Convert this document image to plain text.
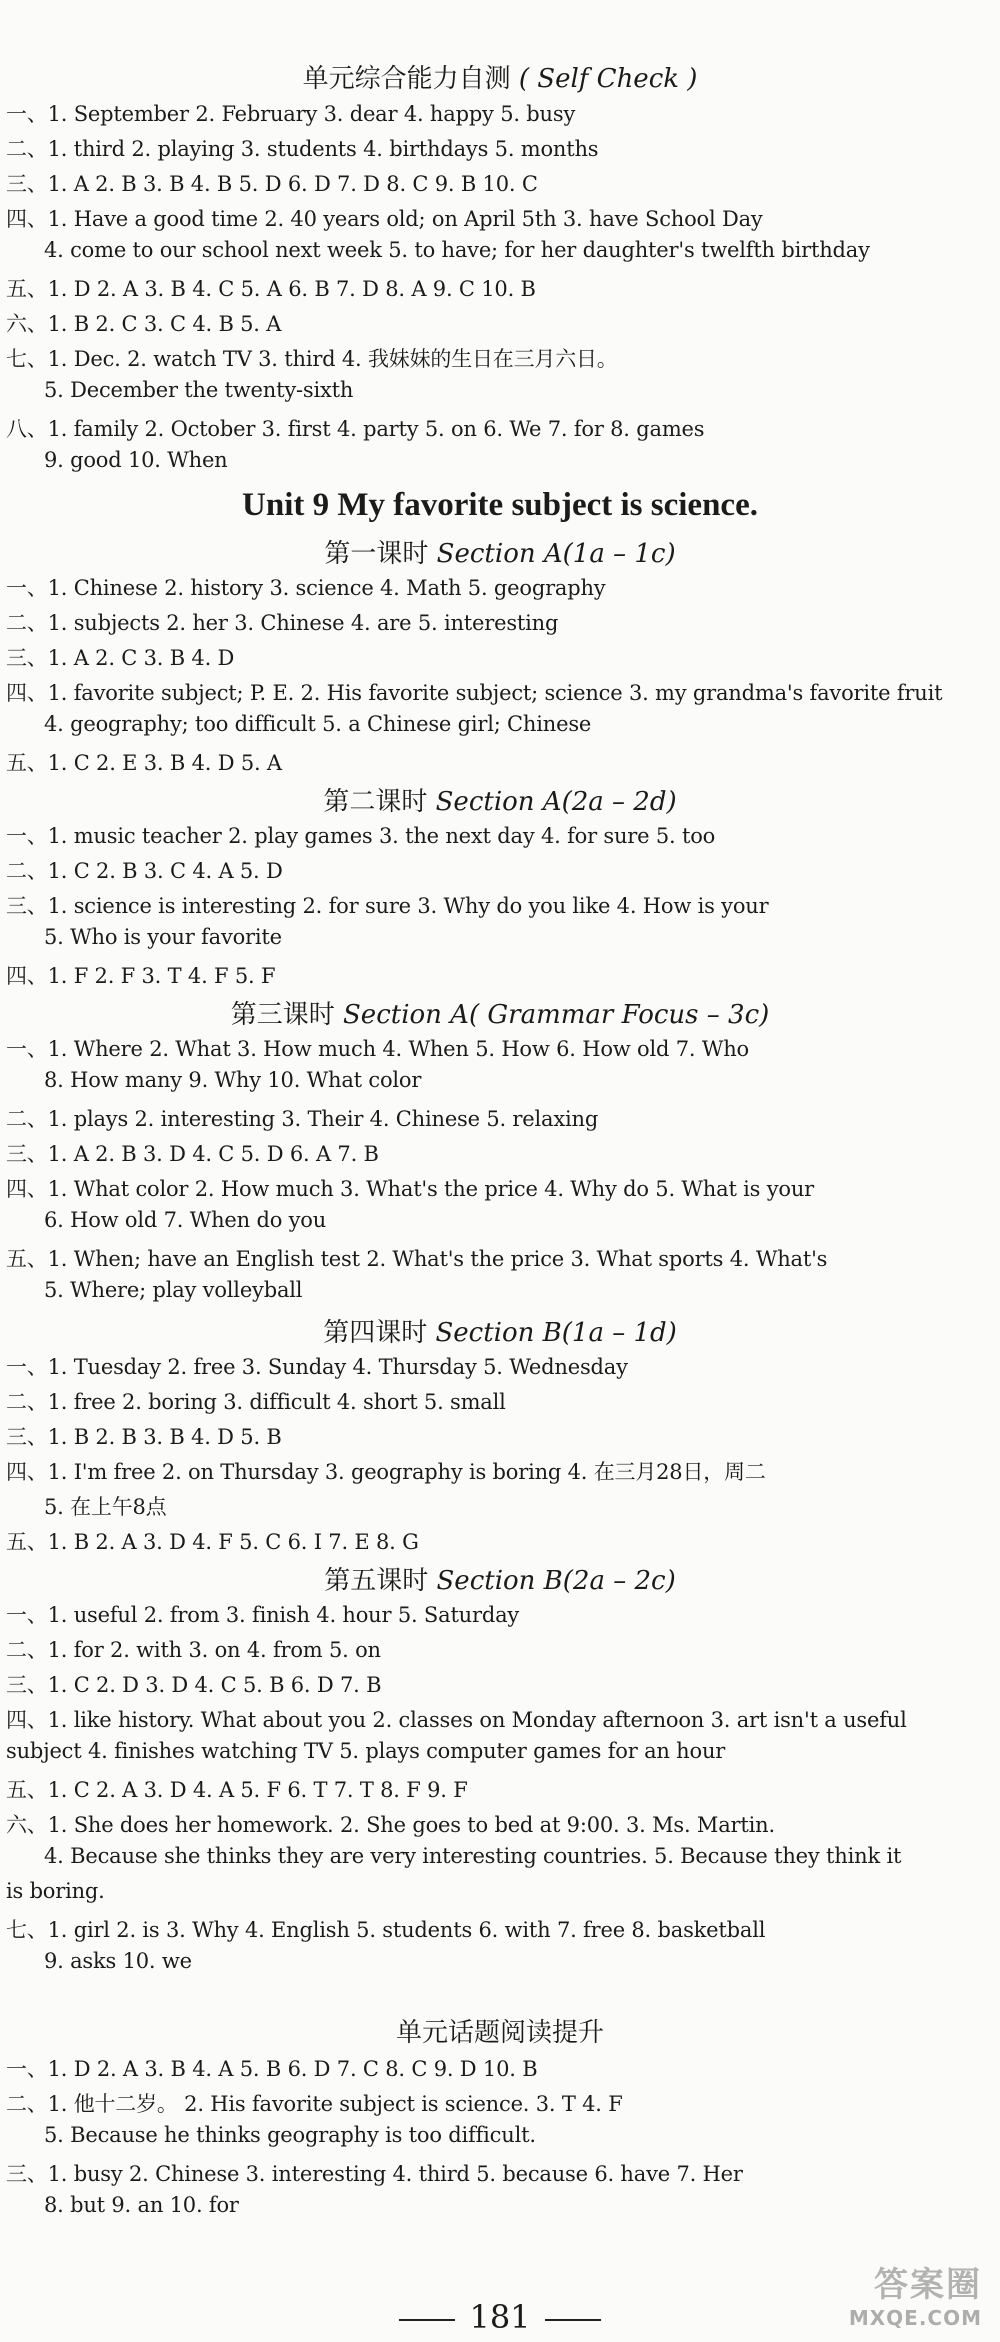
单元综合能力自测 ( Self Check )
一、1. September 2. February 3. dear 4. happy 5. busy
二、1. third 2. playing 3. students 4. birthdays 5. months
三、1. A 2. B 3. B 4. B 5. D 6. D 7. D 8. C 9. B 10. C
四、1. Have a good time 2. 40 years old; on April 5th 3. have School Day
4. come to our school next week 5. to have; for her daughter's twelfth birthday
五、1. D 2. A 3. B 4. C 5. A 6. B 7. D 8. A 9. C 10. B
六、1. B 2. C 3. C 4. B 5. A
七、1. Dec. 2. watch TV 3. third 4. 我妹妹的生日在三月六日。
5. December the twenty-sixth
八、1. family 2. October 3. first 4. party 5. on 6. We 7. for 8. games
9. good 10. When
Unit 9 My favorite subject is science.
第一课时 Section A(1a – 1c)
一、1. Chinese 2. history 3. science 4. Math 5. geography
二、1. subjects 2. her 3. Chinese 4. are 5. interesting
三、1. A 2. C 3. B 4. D
四、1. favorite subject; P. E. 2. His favorite subject; science 3. my grandma's favorite fruit
4. geography; too difficult 5. a Chinese girl; Chinese
五、1. C 2. E 3. B 4. D 5. A
第二课时 Section A(2a – 2d)
一、1. music teacher 2. play games 3. the next day 4. for sure 5. too
二、1. C 2. B 3. C 4. A 5. D
三、1. science is interesting 2. for sure 3. Why do you like 4. How is your
5. Who is your favorite
四、1. F 2. F 3. T 4. F 5. F
第三课时 Section A( Grammar Focus – 3c)
一、1. Where 2. What 3. How much 4. When 5. How 6. How old 7. Who
8. How many 9. Why 10. What color
二、1. plays 2. interesting 3. Their 4. Chinese 5. relaxing
三、1. A 2. B 3. D 4. C 5. D 6. A 7. B
四、1. What color 2. How much 3. What's the price 4. Why do 5. What is your
6. How old 7. When do you
五、1. When; have an English test 2. What's the price 3. What sports 4. What's
5. Where; play volleyball
第四课时 Section B(1a – 1d)
一、1. Tuesday 2. free 3. Sunday 4. Thursday 5. Wednesday
二、1. free 2. boring 3. difficult 4. short 5. small
三、1. B 2. B 3. B 4. D 5. B
四、1. I'm free 2. on Thursday 3. geography is boring 4. 在三月28日，周二
5. 在上午8点
五、1. B 2. A 3. D 4. F 5. C 6. I 7. E 8. G
第五课时 Section B(2a – 2c)
一、1. useful 2. from 3. finish 4. hour 5. Saturday
二、1. for 2. with 3. on 4. from 5. on
三、1. C 2. D 3. D 4. C 5. B 6. D 7. B
四、1. like history. What about you 2. classes on Monday afternoon 3. art isn't a useful
subject 4. finishes watching TV 5. plays computer games for an hour
五、1. C 2. A 3. D 4. A 5. F 6. T 7. T 8. F 9. F
六、1. She does her homework. 2. She goes to bed at 9:00. 3. Ms. Martin.
4. Because she thinks they are very interesting countries. 5. Because they think it
is boring.
七、1. girl 2. is 3. Why 4. English 5. students 6. with 7. free 8. basketball
9. asks 10. we
单元话题阅读提升
一、1. D 2. A 3. B 4. A 5. B 6. D 7. C 8. C 9. D 10. B
二、1. 他十二岁。 2. His favorite subject is science. 3. T 4. F
5. Because he thinks geography is too difficult.
三、1. busy 2. Chinese 3. interesting 4. third 5. because 6. have 7. Her
8. but 9. an 10. for
181
答案圈
MXQE.COM
